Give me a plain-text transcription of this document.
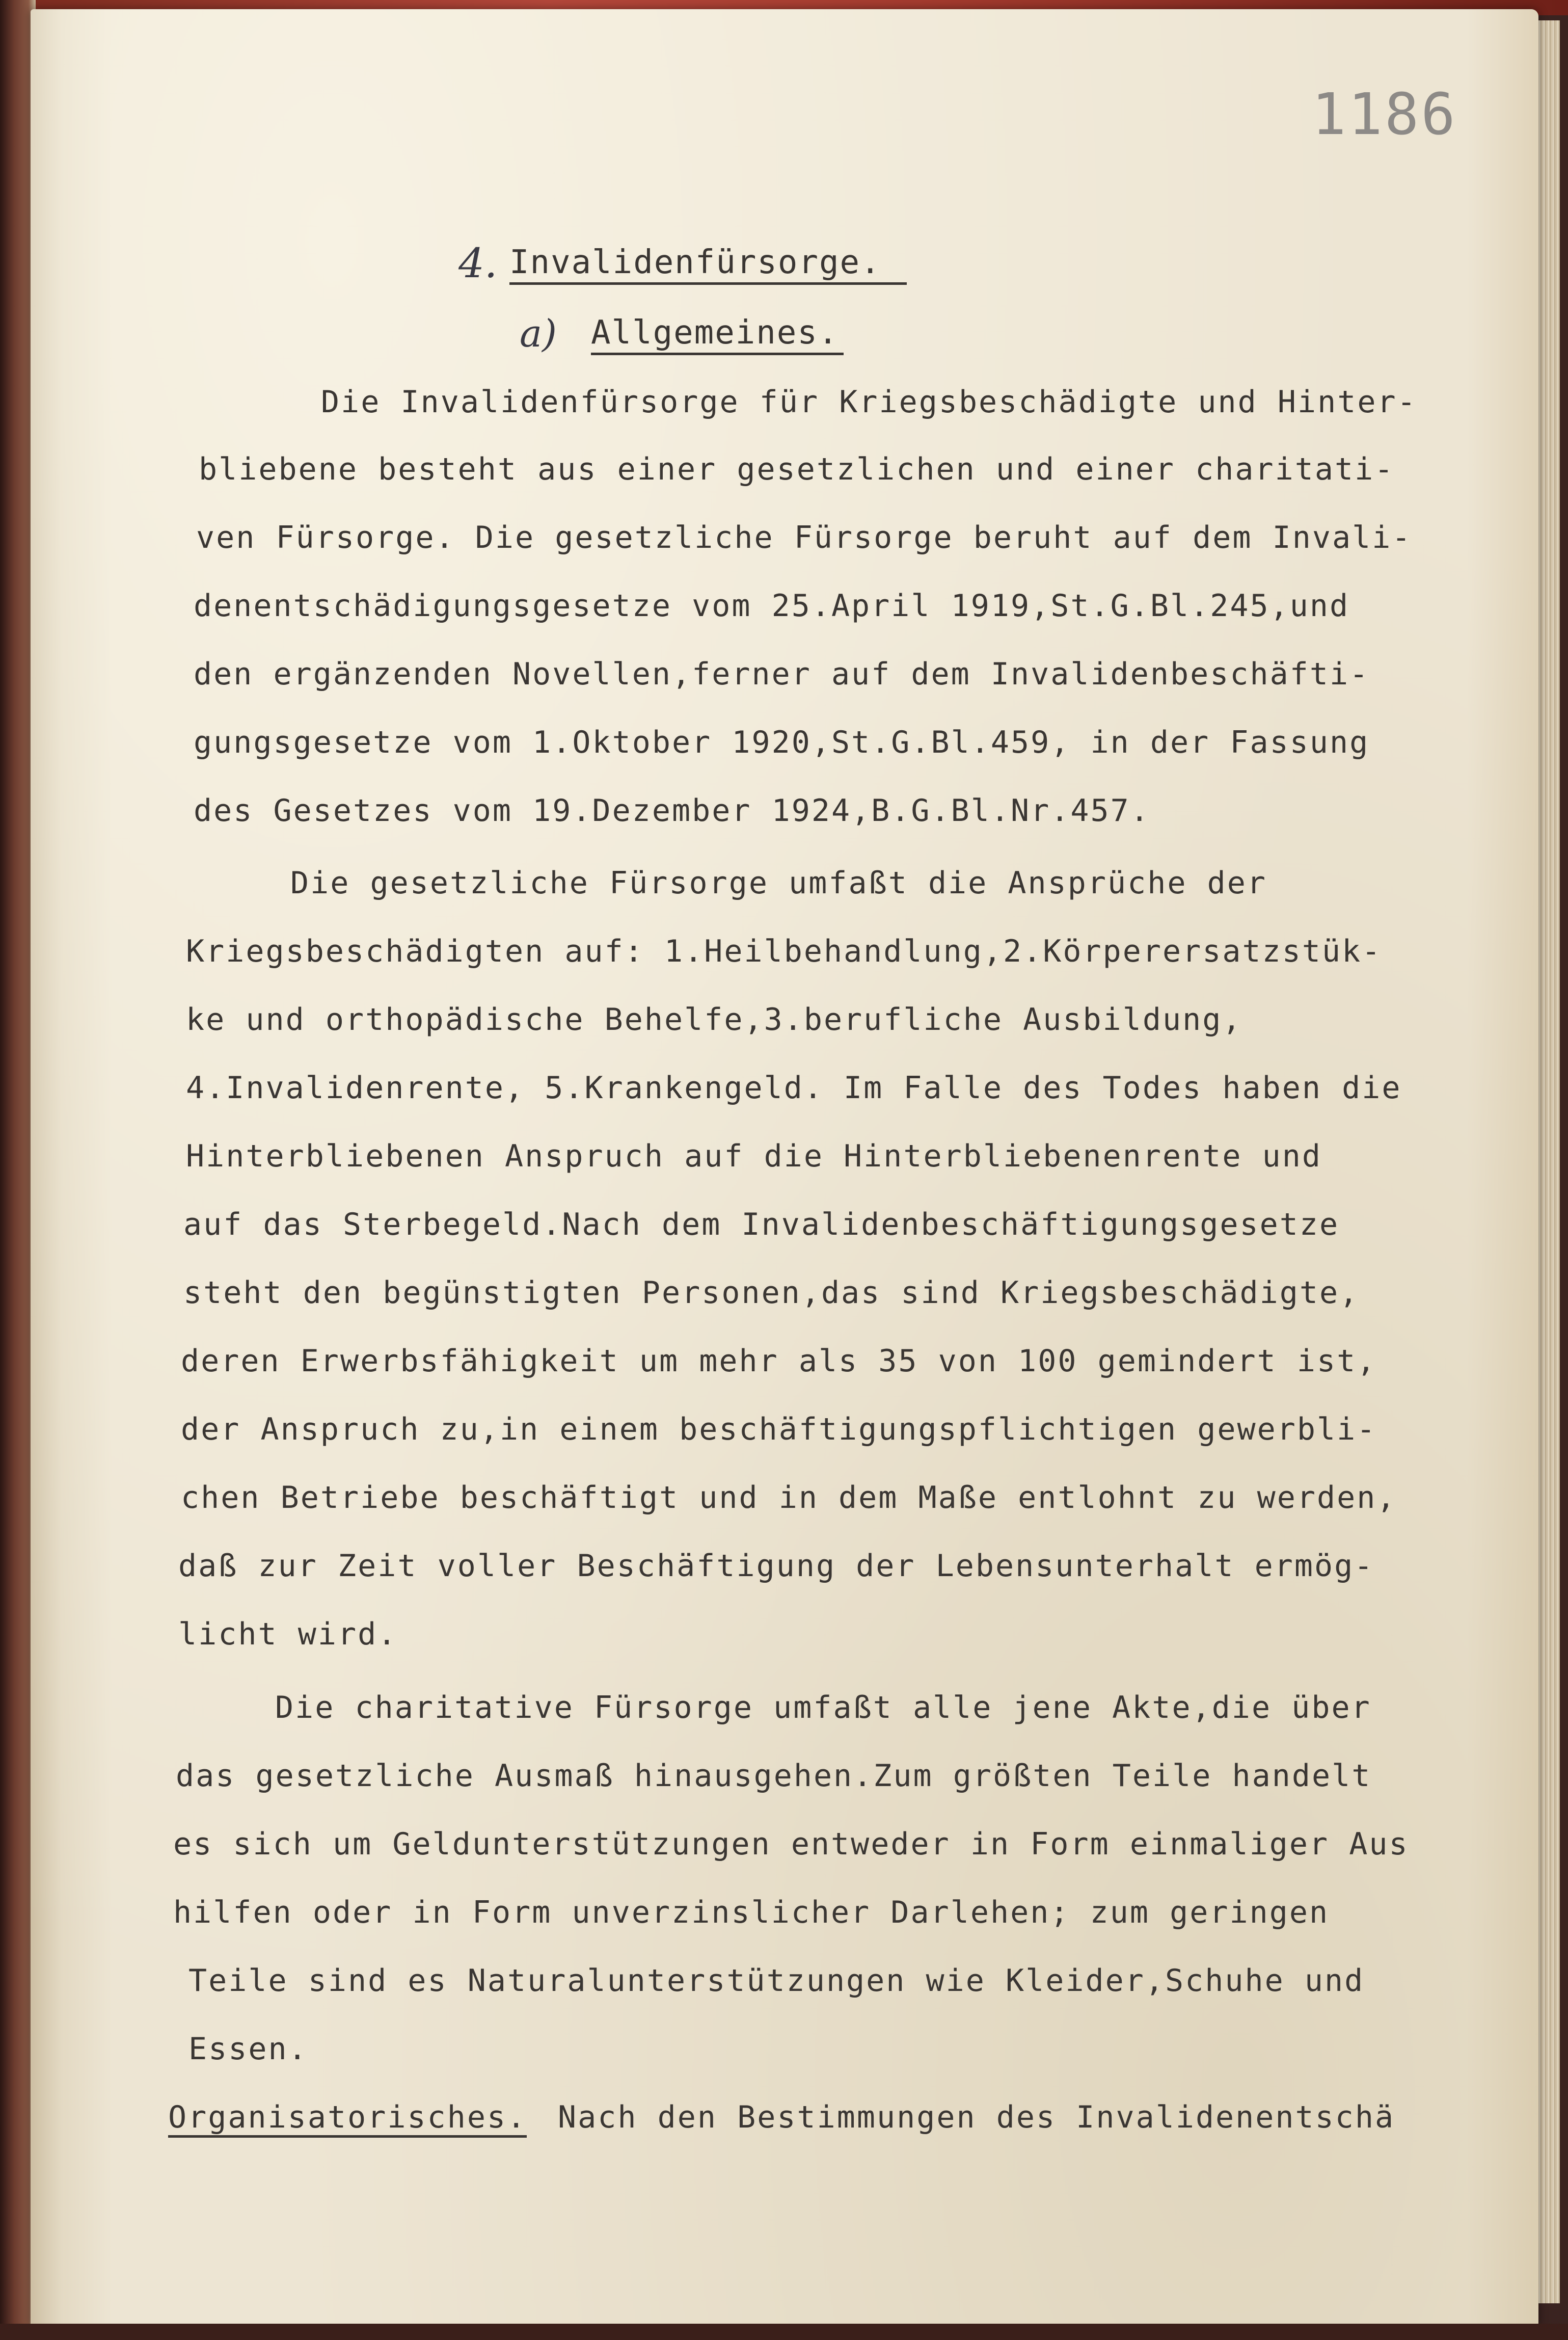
1186
4. Invalidenfürsorge.
a) Allgemeines.
Die Invalidenfürsorge für Kriegsbeschädigte und Hinter-
bliebene besteht aus einer gesetzlichen und einer charitati-
ven Fürsorge. Die gesetzliche Fürsorge beruht auf dem Invali-
denentschädigungsgesetze vom 25.April 1919,St.G.Bl.245,und
den ergänzenden Novellen,ferner auf dem Invalidenbeschäfti-
gungsgesetze vom 1.Oktober 1920,St.G.Bl.459, in der Fassung
des Gesetzes vom 19.Dezember 1924,B.G.Bl.Nr.457.
Die gesetzliche Fürsorge umfaßt die Ansprüche der
Kriegsbeschädigten auf: 1.Heilbehandlung,2.Körperersatzstük-
ke und orthopädische Behelfe,3.berufliche Ausbildung,
4.Invalidenrente, 5.Krankengeld. Im Falle des Todes haben die
Hinterbliebenen Anspruch auf die Hinterbliebenenrente und
auf das Sterbegeld.Nach dem Invalidenbeschäftigungsgesetze
steht den begünstigten Personen,das sind Kriegsbeschädigte,
deren Erwerbsfähigkeit um mehr als 35 von 100 gemindert ist,
der Anspruch zu,in einem beschäftigungspflichtigen gewerbli-
chen Betriebe beschäftigt und in dem Maße entlohnt zu werden,
daß zur Zeit voller Beschäftigung der Lebensunterhalt ermög-
licht wird.
Die charitative Fürsorge umfaßt alle jene Akte,die über
das gesetzliche Ausmaß hinausgehen.Zum größten Teile handelt
es sich um Geldunterstützungen entweder in Form einmaliger Aus
hilfen oder in Form unverzinslicher Darlehen; zum geringen
Teile sind es Naturalunterstützungen wie Kleider,Schuhe und
Essen.
Organisatorisches. Nach den Bestimmungen des Invalidenentschä
